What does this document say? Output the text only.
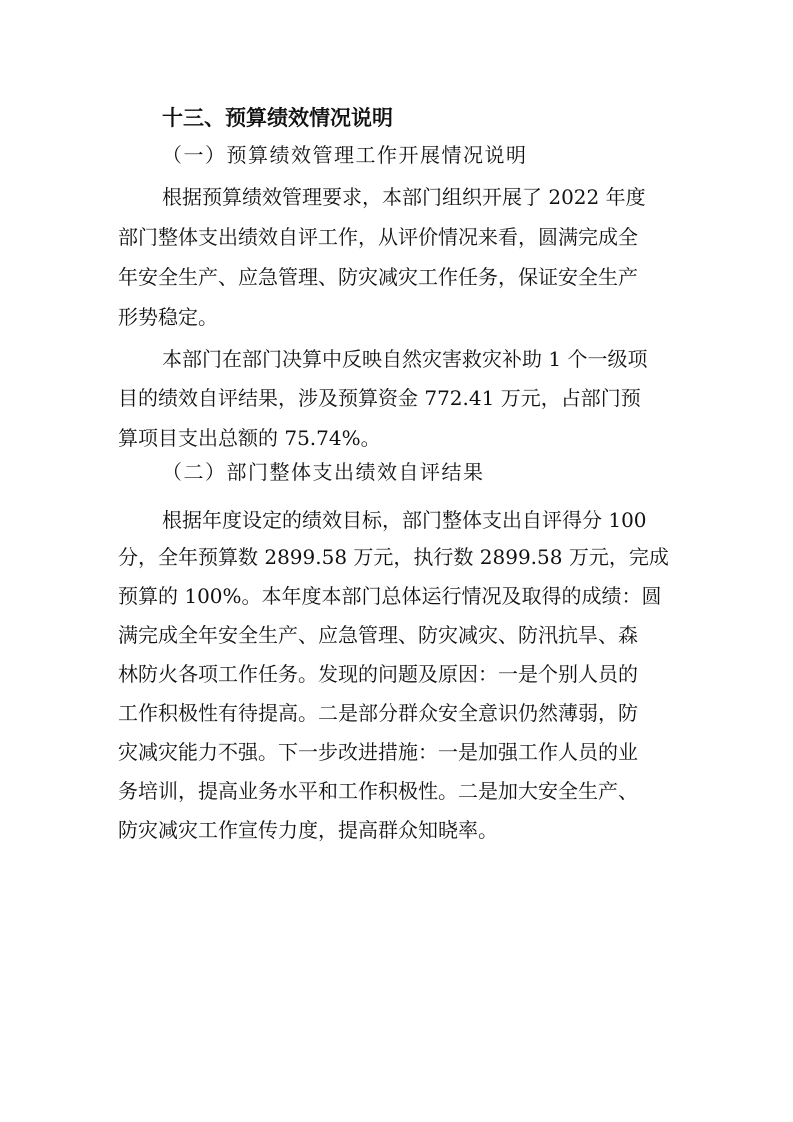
十三、预算绩效情况说明
（一）预算绩效管理工作开展情况说明
根据预算绩效管理要求，本部门组织开展了 2022 年度
部门整体支出绩效自评工作，从评价情况来看，圆满完成全
年安全生产、应急管理、防灾减灾工作任务，保证安全生产
形势稳定。
本部门在部门决算中反映自然灾害救灾补助 1 个一级项
目的绩效自评结果，涉及预算资金 772.41 万元，占部门预
算项目支出总额的 75.74%。
（二）部门整体支出绩效自评结果
根据年度设定的绩效目标，部门整体支出自评得分 100
分，全年预算数 2899.58 万元，执行数 2899.58 万元，完成
预算的 100%。本年度本部门总体运行情况及取得的成绩：圆
满完成全年安全生产、应急管理、防灾减灾、防汛抗旱、森
林防火各项工作任务。发现的问题及原因：一是个别人员的
工作积极性有待提高。二是部分群众安全意识仍然薄弱，防
灾减灾能力不强。下一步改进措施：一是加强工作人员的业
务培训，提高业务水平和工作积极性。二是加大安全生产、
防灾减灾工作宣传力度，提高群众知晓率。
